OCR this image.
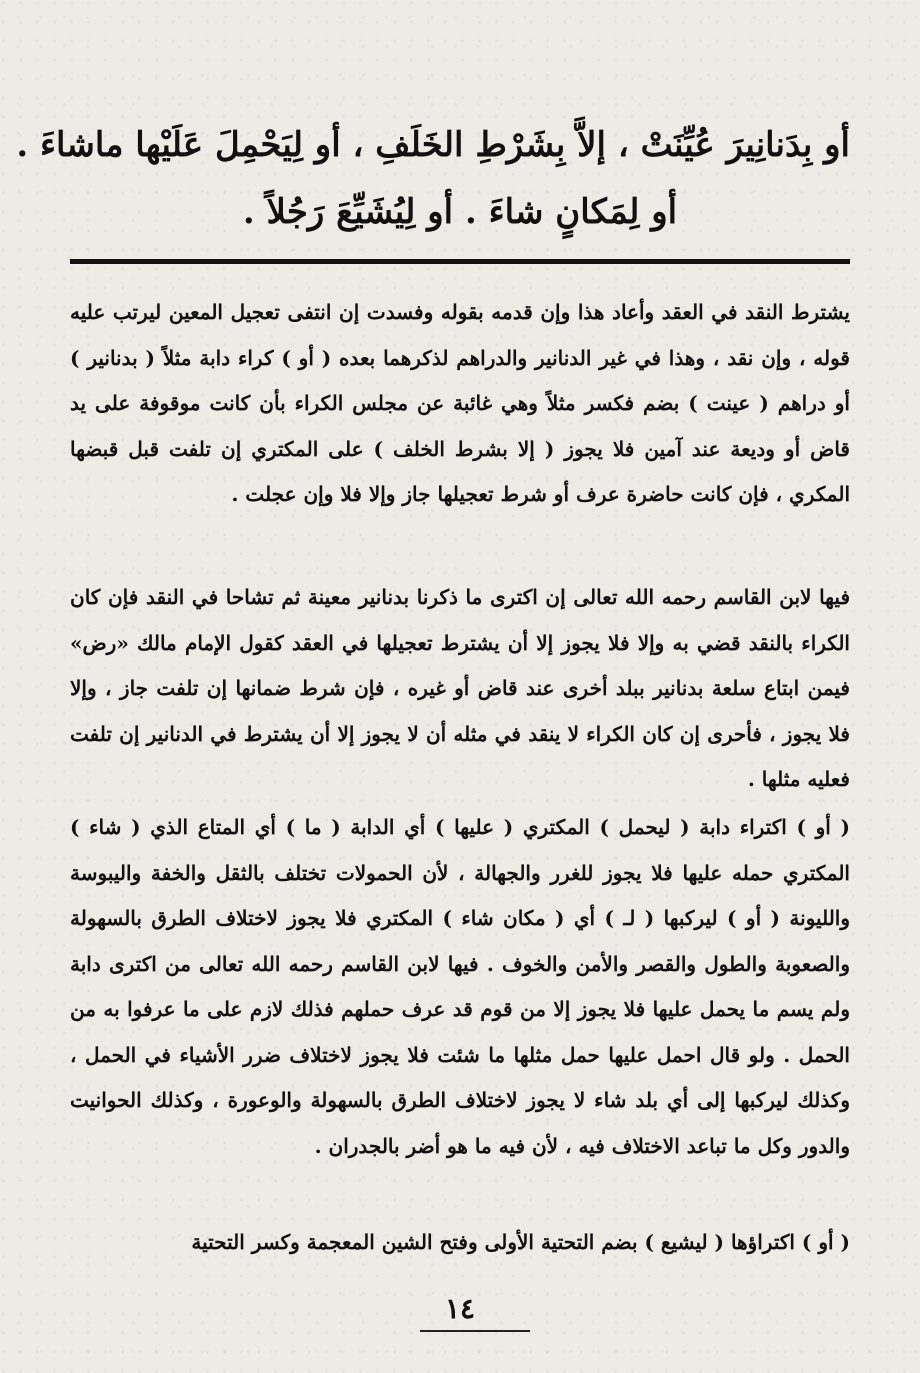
أو بِدَنانِيرَ عُيِّنَتْ ، إلاَّ بِشَرْطِ الخَلَفِ ، أو لِيَحْمِلَ عَلَيْها ماشاءَ .
أو لِمَكانٍ شاءَ . أو لِيُشَيِّعَ رَجُلاً .

يشترط النقد في العقد وأعاد هذا وإن قدمه بقوله وفسدت إن انتفى تعجيل المعين ليرتب عليه قوله ، وإن نقد ، وهذا في غير الدنانير والدراهم لذكرهما بعده ( أو ) كراء دابة مثلاً ( بدنانير ) أو دراهم ( عينت ) بضم فكسر مثلاً وهي غائبة عن مجلس الكراء بأن كانت موقوفة على يد قاض أو وديعة عند آمين فلا يجوز ( إلا بشرط الخلف ) على المكتري إن تلفت قبل قبضها المكري ، فإن كانت حاضرة عرف أو شرط تعجيلها جاز وإلا فلا وإن عجلت .

فيها لابن القاسم رحمه الله تعالى إن اكترى ما ذكرنا بدنانير معينة ثم تشاحا في النقد فإن كان الكراء بالنقد قضي به وإلا فلا يجوز إلا أن يشترط تعجيلها في العقد كقول الإمام مالك «رض» فيمن ابتاع سلعة بدنانير ببلد أخرى عند قاض أو غيره ، فإن شرط ضمانها إن تلفت جاز ، وإلا فلا يجوز ، فأحرى إن كان الكراء لا ينقد في مثله أن لا يجوز إلا أن يشترط في الدنانير إن تلفت فعليه مثلها .

( أو ) اكتراء دابة ( ليحمل ) المكتري ( عليها ) أي الدابة ( ما ) أي المتاع الذي ( شاء ) المكتري حمله عليها فلا يجوز للغرر والجهالة ، لأن الحمولات تختلف بالثقل والخفة واليبوسة والليونة ( أو ) ليركبها ( لـ ) أي ( مكان شاء ) المكتري فلا يجوز لاختلاف الطرق بالسهولة والصعوبة والطول والقصر والأمن والخوف . فيها لابن القاسم رحمه الله تعالى من اكترى دابة ولم يسم ما يحمل عليها فلا يجوز إلا من قوم قد عرف حملهم فذلك لازم على ما عرفوا به من الحمل . ولو قال احمل عليها حمل مثلها ما شئت فلا يجوز لاختلاف ضرر الأشياء في الحمل ، وكذلك ليركبها إلى أي بلد شاء لا يجوز لاختلاف الطرق بالسهولة والوعورة ، وكذلك الحوانيت والدور وكل ما تباعد الاختلاف فيه ، لأن فيه ما هو أضر بالجدران .

( أو ) اكتراؤها ( ليشيع ) بضم التحتية الأولى وفتح الشين المعجمة وكسر التحتية

١٤
